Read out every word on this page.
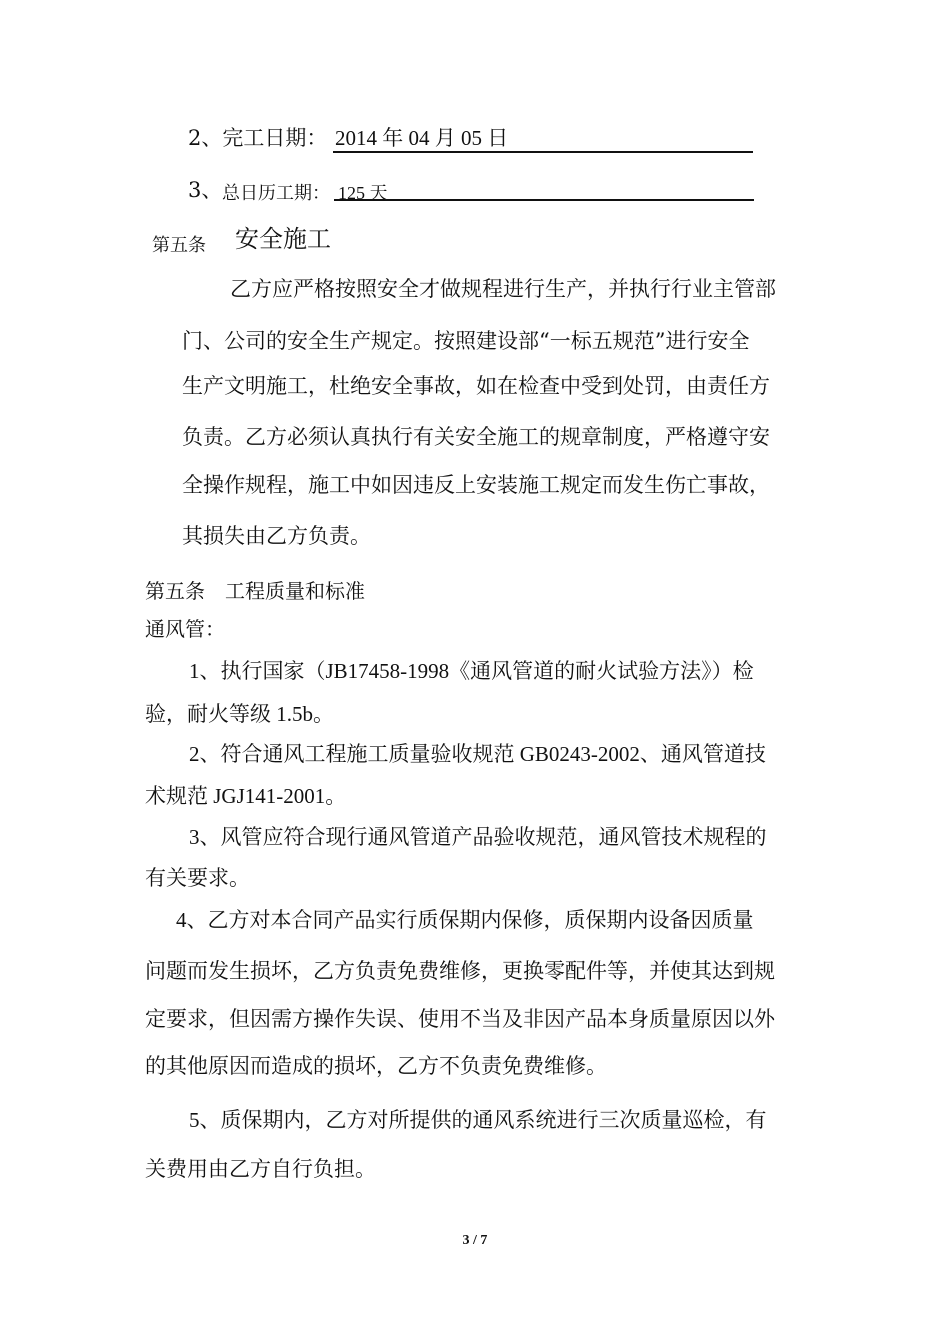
2、完工日期： 2014 年 04 月 05 日
3、 总日历工期： 125 天
第五条 安全施工
乙方应严格按照安全才做规程进行生产，并执行行业主管部
门、公司的安全生产规定。按照建设部“一标五规范”进行安全
生产文明施工，杜绝安全事故，如在检查中受到处罚，由责任方
负责。乙方必须认真执行有关安全施工的规章制度，严格遵守安
全操作规程，施工中如因违反上安装施工规定而发生伤亡事故，
其损失由乙方负责。
第五条　工程质量和标准
通风管：
1、执行国家（JB17458-1998《通风管道的耐火试验方法》）检
验，耐火等级 1.5b。
2、符合通风工程施工质量验收规范 GB0243-2002、通风管道技
术规范 JGJ141-2001。
3、风管应符合现行通风管道产品验收规范，通风管技术规程的
有关要求。
4、乙方对本合同产品实行质保期内保修，质保期内设备因质量
问题而发生损坏，乙方负责免费维修，更换零配件等，并使其达到规
定要求，但因需方操作失误、使用不当及非因产品本身质量原因以外
的其他原因而造成的损坏，乙方不负责免费维修。
5、质保期内，乙方对所提供的通风系统进行三次质量巡检，有
关费用由乙方自行负担。
3 / 7
